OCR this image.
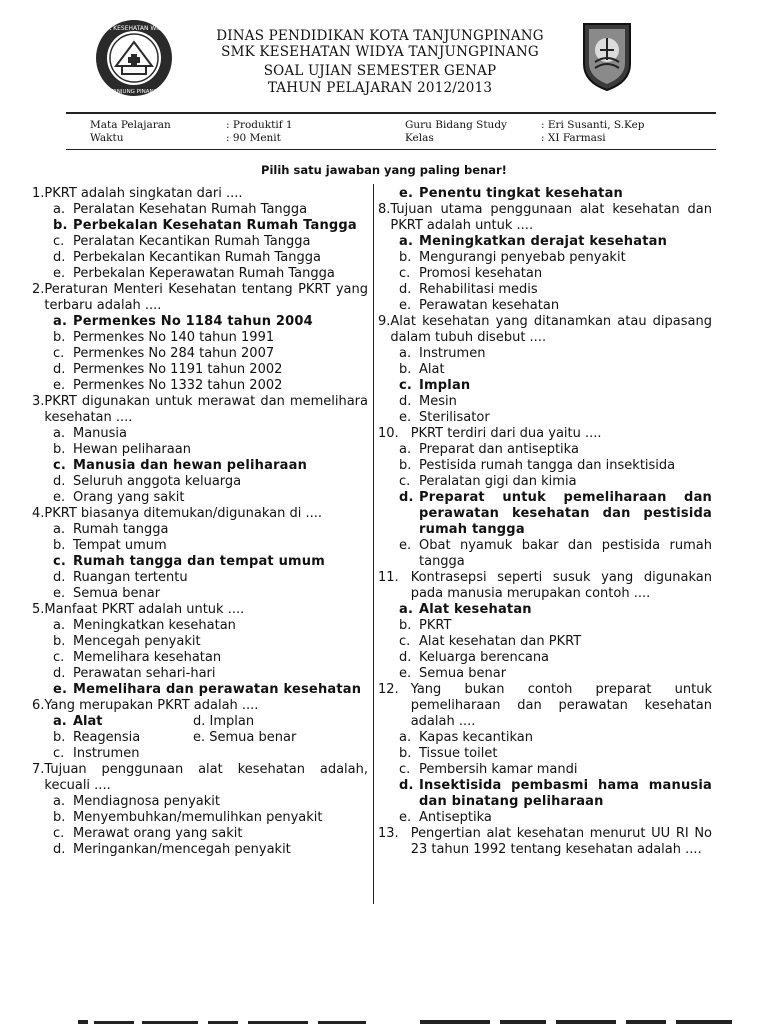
SMK KESEHATAN WIDYA
TANJUNG PINANG
DINAS PENDIDIKAN KOTA TANJUNGPINANG
SMK KESEHATAN WIDYA TANJUNGPINANG
SOAL UJIAN SEMESTER GENAP
TAHUN PELAJARAN 2012/2013
Mata Pelajaran	: Produktif 1
Waktu	: 90 Menit
Guru Bidang Study	: Eri Susanti, S.Kep
Kelas	: XI Farmasi
Pilih satu jawaban yang paling benar!
1. PKRT adalah singkatan dari ....
a. Peralatan Kesehatan Rumah Tangga
b. Perbekalan Kesehatan Rumah Tangga
c. Peralatan Kecantikan Rumah Tangga
d. Perbekalan Kecantikan Rumah Tangga
e. Perbekalan Keperawatan Rumah Tangga
2. Peraturan Menteri Kesehatan tentang PKRT yang terbaru adalah ....
a. Permenkes No 1184 tahun 2004
b. Permenkes No 140 tahun 1991
c. Permenkes No 284 tahun 2007
d. Permenkes No 1191 tahun 2002
e. Permenkes No 1332 tahun 2002
3. PKRT digunakan untuk merawat dan memelihara kesehatan ....
a. Manusia
b. Hewan peliharaan
c. Manusia dan hewan peliharaan
d. Seluruh anggota keluarga
e. Orang yang sakit
4. PKRT biasanya ditemukan/digunakan di ....
a. Rumah tangga
b. Tempat umum
c. Rumah tangga dan tempat umum
d. Ruangan tertentu
e. Semua benar
5. Manfaat PKRT adalah untuk ....
a. Meningkatkan kesehatan
b. Mencegah penyakit
c. Memelihara kesehatan
d. Perawatan sehari-hari
e. Memelihara dan perawatan kesehatan
6. Yang merupakan PKRT adalah ....
a. Alat	d. Implan
b. Reagensia	e. Semua benar
c. Instrumen
7. Tujuan penggunaan alat kesehatan adalah, kecuali ....
a. Mendiagnosa penyakit
b. Menyembuhkan/memulihkan penyakit
c. Merawat orang yang sakit
d. Meringankan/mencegah penyakit
e. Penentu tingkat kesehatan
8. Tujuan utama penggunaan alat kesehatan dan PKRT adalah untuk ....
a. Meningkatkan derajat kesehatan
b. Mengurangi penyebab penyakit
c. Promosi kesehatan
d. Rehabilitasi medis
e. Perawatan kesehatan
9. Alat kesehatan yang ditanamkan atau dipasang dalam tubuh disebut ....
a. Instrumen
b. Alat
c. Implan
d. Mesin
e. Sterilisator
10. PKRT terdiri dari dua yaitu ....
a. Preparat dan antiseptika
b. Pestisida rumah tangga dan insektisida
c. Peralatan gigi dan kimia
d. Preparat untuk pemeliharaan dan perawatan kesehatan dan pestisida rumah tangga
e. Obat nyamuk bakar dan pestisida rumah tangga
11. Kontrasepsi seperti susuk yang digunakan pada manusia merupakan contoh ....
a. Alat kesehatan
b. PKRT
c. Alat kesehatan dan PKRT
d. Keluarga berencana
e. Semua benar
12. Yang bukan contoh preparat untuk pemeliharaan dan perawatan kesehatan adalah ....
a. Kapas kecantikan
b. Tissue toilet
c. Pembersih kamar mandi
d. Insektisida pembasmi hama manusia dan binatang peliharaan
e. Antiseptika
13. Pengertian alat kesehatan menurut UU RI No 23 tahun 1992 tentang kesehatan adalah ....
